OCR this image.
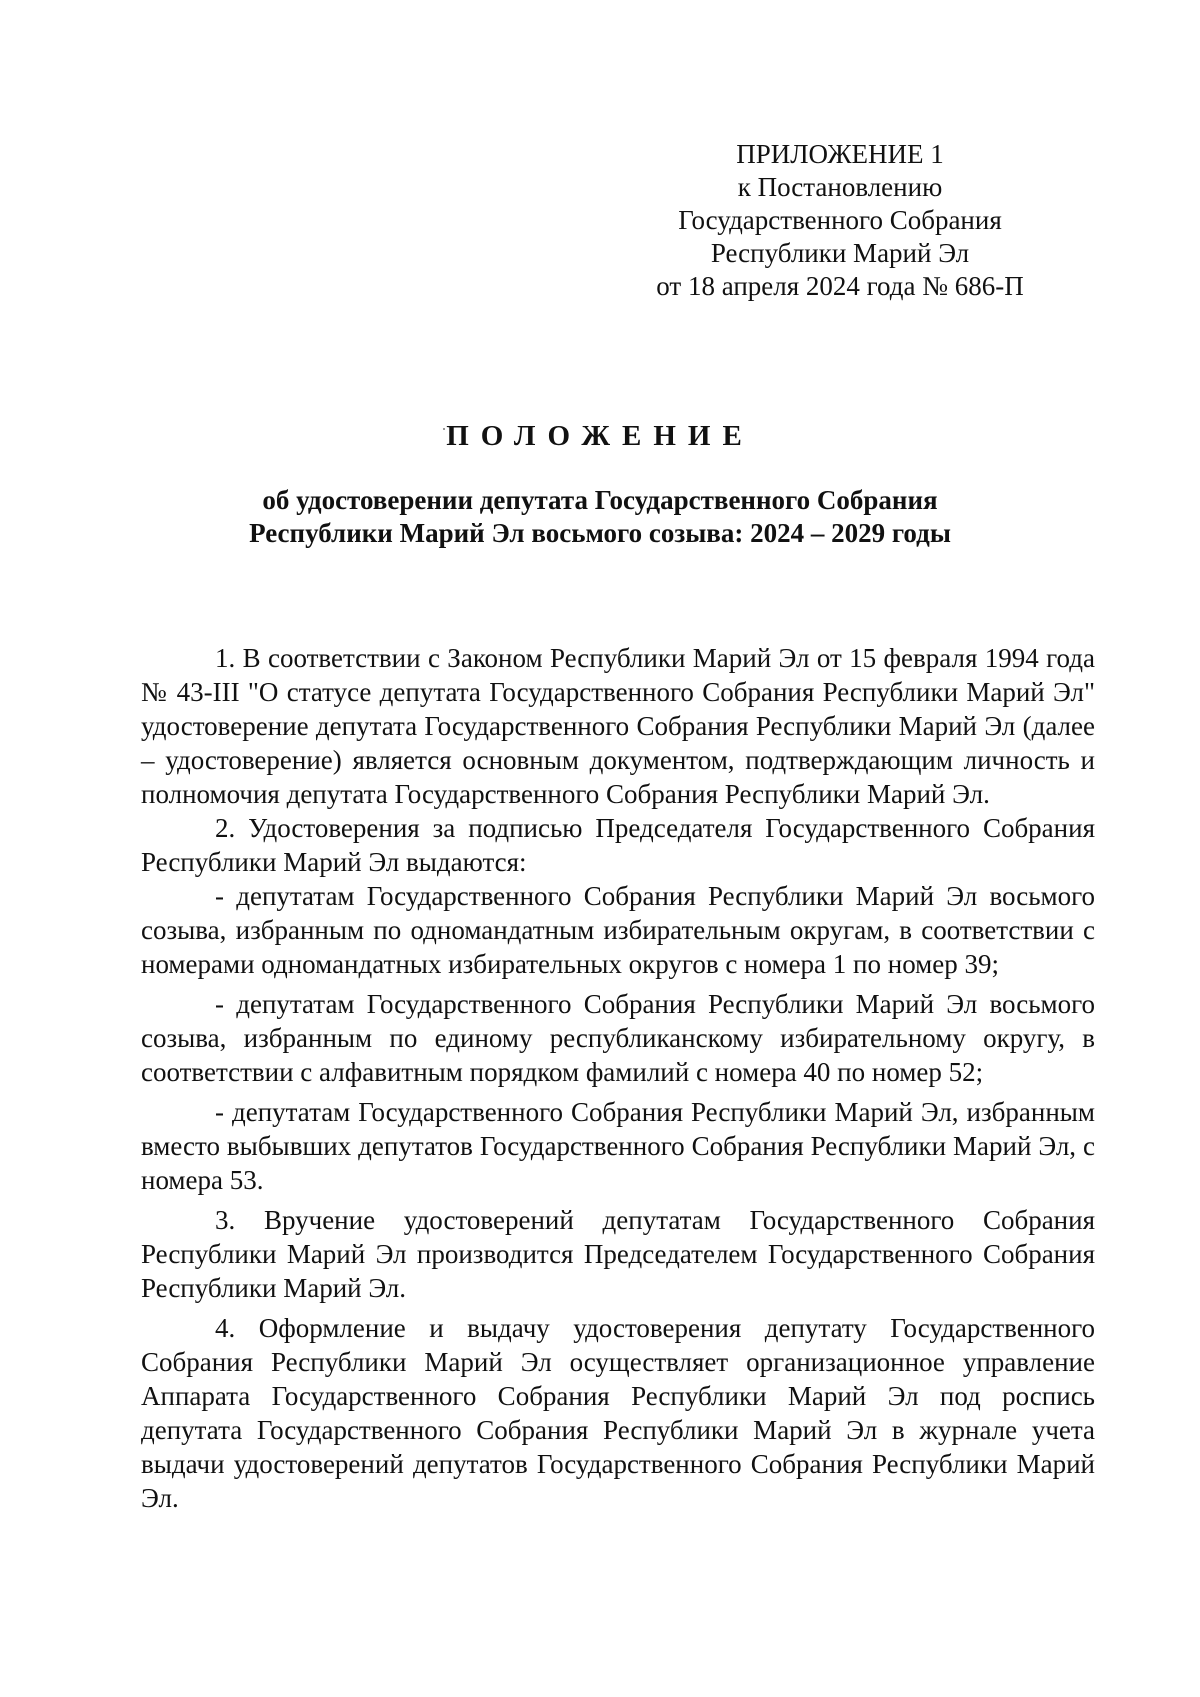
ПРИЛОЖЕНИЕ 1
к Постановлению
Государственного Собрания
Республики Марий Эл
от 18 апреля 2024 года № 686-П
ПОЛОЖЕНИЕ
об удостоверении депутата Государственного Собрания
Республики Марий Эл восьмого созыва: 2024 – 2029 годы

1. В соответствии с Законом Республики Марий Эл от 15 февраля 1994 года № 43-III "О статусе депутата Государственного Собрания Республики Марий Эл" удостоверение депутата Государственного Собрания Республики Марий Эл (далее – удостоверение) является основным документом, подтверждающим личность и полномочия депутата Государственного Собрания Республики Марий Эл.

2. Удостоверения за подписью Председателя Государственного Собрания Республики Марий Эл выдаются:

- депутатам Государственного Собрания Республики Марий Эл восьмого созыва, избранным по одномандатным избирательным округам, в соответствии с номерами одномандатных избирательных округов с номера 1 по номер 39;

- депутатам Государственного Собрания Республики Марий Эл восьмого созыва, избранным по единому республиканскому избирательному округу, в соответствии с алфавитным порядком фамилий с номера 40 по номер 52;

- депутатам Государственного Собрания Республики Марий Эл, избранным вместо выбывших депутатов Государственного Собрания Республики Марий Эл, с номера 53.

3. Вручение удостоверений депутатам Государственного Собрания Республики Марий Эл производится Председателем Государственного Собрания Республики Марий Эл.

4. Оформление и выдачу удостоверения депутату Государственного Собрания Республики Марий Эл осуществляет организационное управление Аппарата Государственного Собрания Республики Марий Эл под роспись депутата Государственного Собрания Республики Марий Эл в журнале учета выдачи удостоверений депутатов Государственного Собрания Республики Марий Эл.
